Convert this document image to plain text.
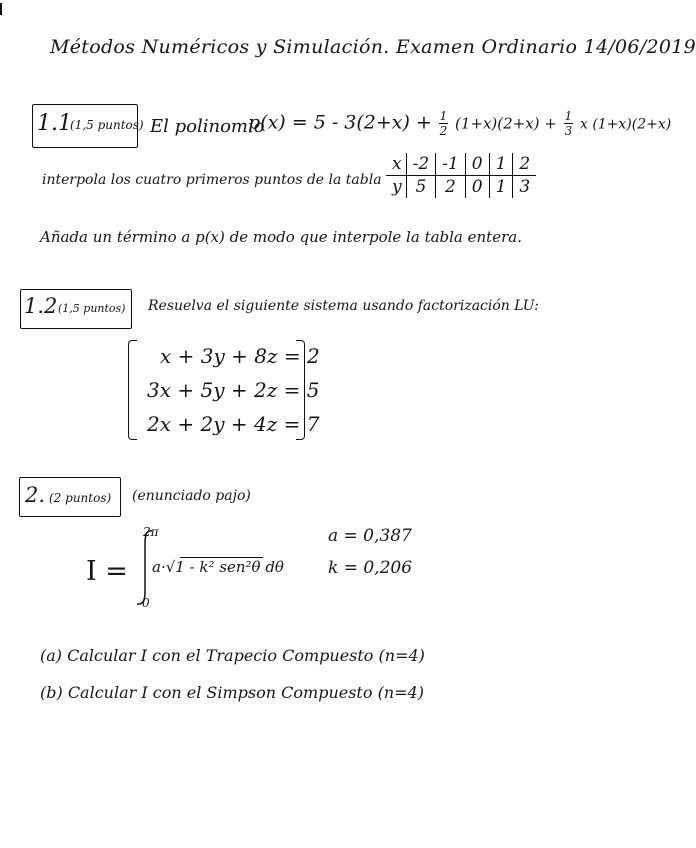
Métodos Numéricos y Simulación. Examen Ordinario 14/06/2019
1.1
(1,5 puntos) El polinomio
$p(x) = 5 - 3(2+x) + \frac{1}{2} (1+x)(2+x) + \frac{1}{3}$ x (1+x)(2+x)
interpola los cuatro primeros puntos de la tabla
x	-2	-1	0	1	2
y	5	2	0	1	3
Añada un término a p(x) de modo que interpole la tabla entera.
1.2 (1,5 puntos) Resuelva el siguiente sistema usando factorización LU:
x + 3y + 8z = 2
3x + 5y + 2z = 5
2x + 2y + 4z = 7
2. (2 puntos) (enunciado pajo)
I =
2π
0
a·√1 - k² sen²θ dθ
a = 0,387
k = 0,206
(a) Calcular I con el Trapecio Compuesto (n=4)
(b) Calcular I con el Simpson Compuesto (n=4)
